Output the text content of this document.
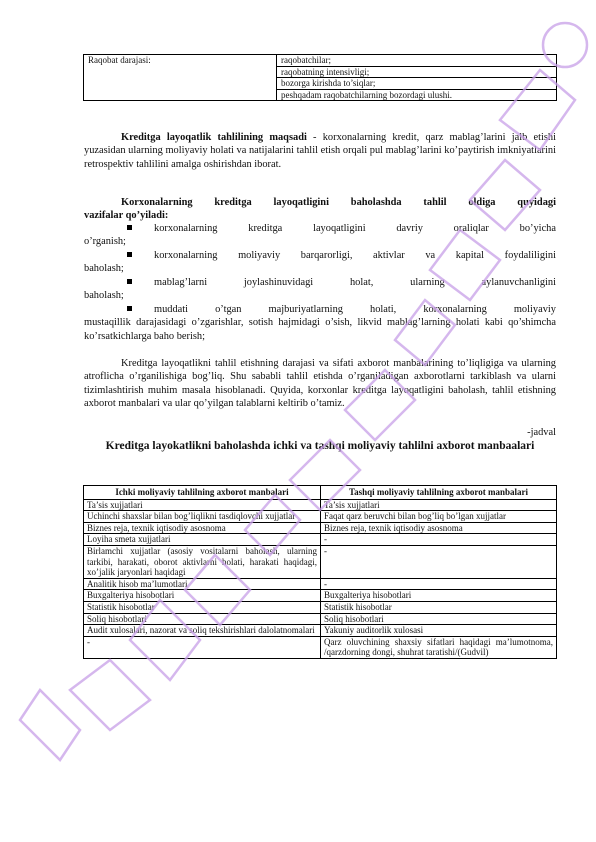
Raqobat darajasi:	raqobatchilar;
raqobatning intensivligi;
bozorga kirishda to’siqlar;
peshqadam raqobatchilarning bozordagi ulushi.
Kreditga layoqatlik tahlilining maqsadi - korxonalarning kredit, qarz mablag’larini jalb etishi yuzasidan ularning moliyaviy holati va natijalarini tahlil etish orqali pul mablag’larini ko’paytirish imkniyatlarini retrospektiv tahlilini amalga oshirishdan iborat.
Korxonalarning kreditga layoqatligini baholashda tahlil oldiga quyidagi
vazifalar qo’yiladi:
korxonalarning kreditga layoqatligini davriy oraliqlar bo’yicha
o’rganish;
korxonalarning moliyaviy barqarorligi, aktivlar va kapital foydaliligini
baholash;
mablag’larni joylashinuvidagi holat, ularning aylanuvchanligini
baholash;
muddati o’tgan majburiyatlarning holati, korxonalarning moliyaviy
mustaqillik darajasidagi o’zgarishlar, sotish hajmidagi o’sish, likvid mablag’larning holati kabi qo’shimcha ko’rsatkichlarga baho berish;
Kreditga layoqatlikni tahlil etishning darajasi va sifati axborot manbalarining to’liqligiga va ularning atroflicha o’rganilishiga bog’liq. Shu sababli tahlil etishda o’rganiladigan axborotlarni tarkiblash va ularni tizimlashtirish muhim masala hisoblanadi. Quyida, korxonlar kreditga layoqatligini baholash, tahlil etishning axborot manbalari va ular qo’yilgan talablarni keltirib o’tamiz.
-jadval
Kreditga layokatlikni baholashda ichki va tashqi moliyaviy tahlilni axborot manbaalari
Ichki moliyaviy tahlilning axborot manbalari	Tashqi moliyaviy tahlilning axborot manbalari
Ta’sis xujjatlari	Ta’sis xujjatlari
Uchinchi shaxslar bilan bog’liqlikni tasdiqlovchi xujjatlar	Faqat qarz beruvchi bilan bog’liq bo’lgan xujjatlar
Biznes reja, texnik iqtisodiy asosnoma	Biznes reja, texnik iqtisodiy asosnoma
Loyiha smeta xujjatlari	-
Birlamchi xujjatlar (asosiy vositalarni baholash, ularning tarkibi, harakati, oborot aktivlarni holati, harakati haqidagi, xo’jalik jaryonlari haqidagi	-
Analitik hisob ma’lumotlari	-
Buxgalteriya hisobotlari	Buxgalteriya hisobotlari
Statistik hisobotlar	Statistik hisobotlar
Soliq hisobotlari	Soliq hisobotlari
Audit xulosalari, nazorat va soliq tekshirishlari dalolatnomalari	Yakuniy auditorlik xulosasi
-	Qarz oluvchining shaxsiy sifatlari haqidagi ma’lumotnoma, /qarzdorning dongi, shuhrat taratishi/(Gudvil)
